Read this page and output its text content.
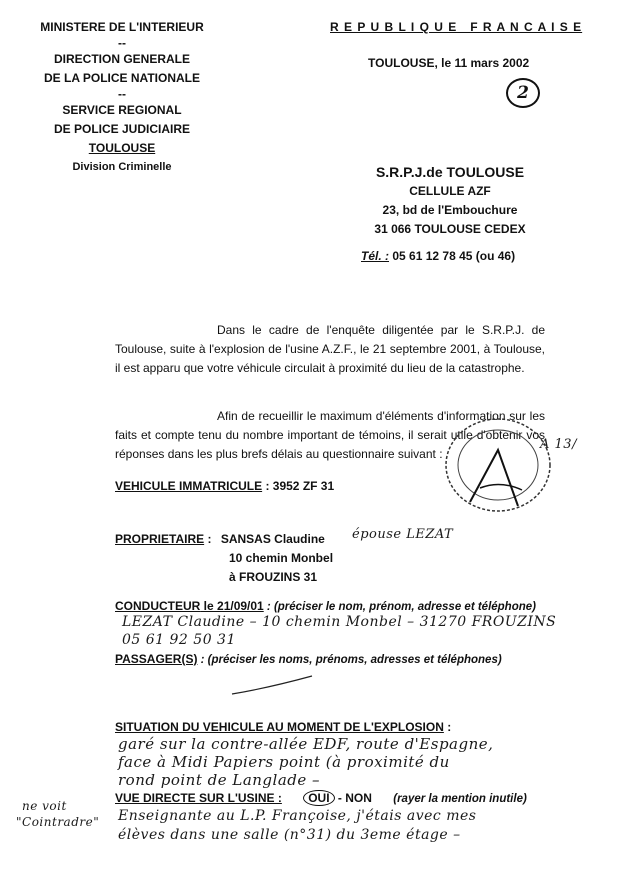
MINISTERE DE L'INTERIEUR
--
DIRECTION GENERALE
DE LA POLICE NATIONALE
--
SERVICE REGIONAL
DE POLICE JUDICIAIRE
TOULOUSE
Division Criminelle
R E P U B L I Q U E   F R A N C A I S E
TOULOUSE, le 11 mars 2002
2
S.R.P.J.de TOULOUSE
CELLULE AZF
23, bd de l'Embouchure
31 066 TOULOUSE CEDEX
Tél. : 05 61 12 78 45 (ou 46)
Dans le cadre de l'enquête diligentée par le S.R.P.J. de Toulouse, suite à l'explosion de l'usine A.Z.F., le 21 septembre 2001, à Toulouse, il est apparu que votre véhicule circulait à proximité du lieu de la catastrophe.
Afin de recueillir le maximum d'éléments d'information sur les faits et compte tenu du nombre important de témoins, il serait utile d'obtenir vos réponses dans les plus brefs délais au questionnaire suivant :
A 13/
VEHICULE IMMATRICULE : 3952 ZF 31
PROPRIETAIRE : SANSAS Claudine
10 chemin Monbel
à FROUZINS 31
épouse LEZAT
CONDUCTEUR le 21/09/01 : (préciser le nom, prénom, adresse et téléphone)
LEZAT Claudine – 10 chemin Monbel – 31270 FROUZINS
05 61 92 50 31
PASSAGER(S) : (préciser les noms, prénoms, adresses et téléphones)
SITUATION DU VEHICULE AU MOMENT DE L'EXPLOSION :
garé sur la contre-allée EDF, route d'Espagne,
face à Midi Papiers point (à proximité du
rond point de Langlade –
VUE DIRECTE SUR L'USINE : OUI - NON (rayer la mention inutile)
Enseignante au L.P. Françoise, j'étais avec mes
élèves dans une salle (n°31) du 3eme étage –
ne voit
"Cointradre"
